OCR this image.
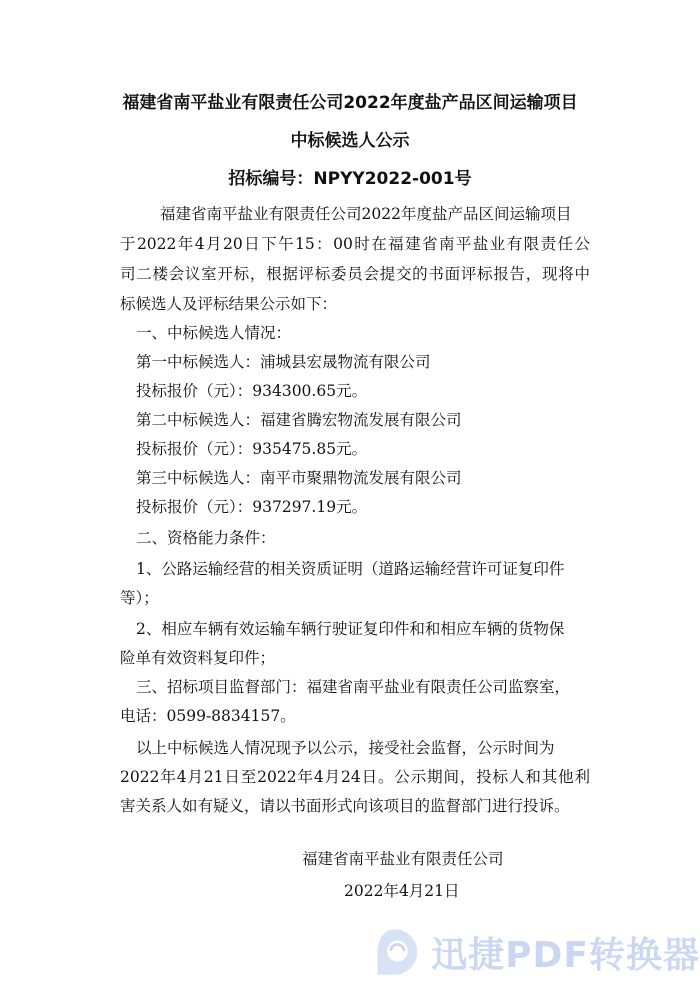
福建省南平盐业有限责任公司2022年度盐产品区间运输项目
中标候选人公示
招标编号：NPYY2022-001号
福建省南平盐业有限责任公司2022年度盐产品区间运输项目
于2022年4月20日下午15：00时在福建省南平盐业有限责任公
司二楼会议室开标，根据评标委员会提交的书面评标报告，现将中
标候选人及评标结果公示如下：
一、中标候选人情况：
第一中标候选人：浦城县宏晟物流有限公司
投标报价（元）：934300.65元。
第二中标候选人：福建省腾宏物流发展有限公司
投标报价（元）：935475.85元。
第三中标候选人：南平市聚鼎物流发展有限公司
投标报价（元）：937297.19元。
二、资格能力条件：
1、公路运输经营的相关资质证明（道路运输经营许可证复印件
等）；
2、相应车辆有效运输车辆行驶证复印件和和相应车辆的货物保
险单有效资料复印件；
三、招标项目监督部门：福建省南平盐业有限责任公司监察室，
电话：0599-8834157。
以上中标候选人情况现予以公示，接受社会监督，公示时间为
2022年4月21日至2022年4月24日。公示期间，投标人和其他利
害关系人如有疑义，请以书面形式向该项目的监督部门进行投诉。
福建省南平盐业有限责任公司
2022年4月21日
迅捷PDF转换器
